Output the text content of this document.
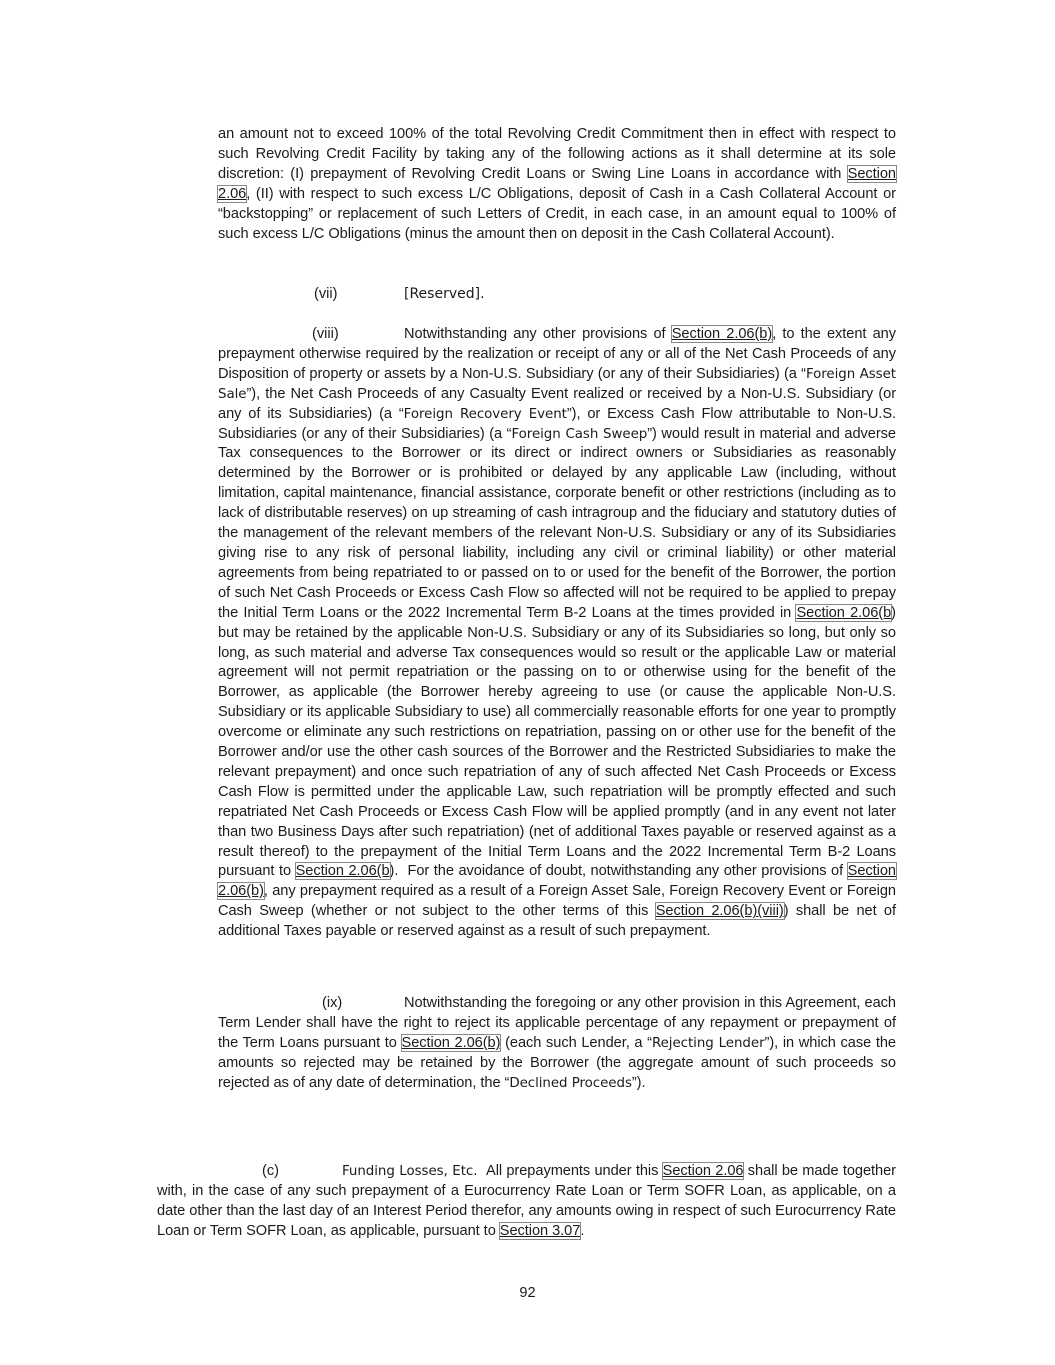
an amount not to exceed 100% of the total Revolving Credit Commitment then in effect with respect to such Revolving Credit Facility by taking any of the following actions as it shall determine at its sole discretion: (I) prepayment of Revolving Credit Loans or Swing Line Loans in accordance with Section 2.06, (II) with respect to such excess L/C Obligations, deposit of Cash in a Cash Collateral Account or “backstopping” or replacement of such Letters of Credit, in each case, in an amount equal to 100% of such excess L/C Obligations (minus the amount then on deposit in the Cash Collateral Account).

(vii)	[Reserved].
(viii)	Notwithstanding any other provisions of Section 2.06(b), to the extent any prepayment otherwise required by the realization or receipt of any or all of the Net Cash Proceeds of any Disposition of property or assets by a Non-U.S. Subsidiary (or any of their Subsidiaries) (a “Foreign Asset Sale”), the Net Cash Proceeds of any Casualty Event realized or received by a Non-U.S. Subsidiary (or any of its Subsidiaries) (a “Foreign Recovery Event”), or Excess Cash Flow attributable to Non-U.S. Subsidiaries (or any of their Subsidiaries) (a “Foreign Cash Sweep”) would result in material and adverse Tax consequences to the Borrower or its direct or indirect owners or Subsidiaries as reasonably determined by the Borrower or is prohibited or delayed by any applicable Law (including, without limitation, capital maintenance, financial assistance, corporate benefit or other restrictions (including as to lack of distributable reserves) on up streaming of cash intragroup and the fiduciary and statutory duties of the management of the relevant members of the relevant Non-U.S. Subsidiary or any of its Subsidiaries giving rise to any risk of personal liability, including any civil or criminal liability) or other material agreements from being repatriated to or passed on to or used for the benefit of the Borrower, the portion of such Net Cash Proceeds or Excess Cash Flow so affected will not be required to be applied to prepay the Initial Term Loans or the 2022 Incremental Term B-2 Loans at the times provided in Section 2.06(b) but may be retained by the applicable Non-U.S. Subsidiary or any of its Subsidiaries so long, but only so long, as such material and adverse Tax consequences would so result or the applicable Law or material agreement will not permit repatriation or the passing on to or otherwise using for the benefit of the Borrower, as applicable (the Borrower hereby agreeing to use (or cause the applicable Non-U.S. Subsidiary or its applicable Subsidiary to use) all commercially reasonable efforts for one year to promptly overcome or eliminate any such restrictions on repatriation, passing on or other use for the benefit of the Borrower and/or use the other cash sources of the Borrower and the Restricted Subsidiaries to make the relevant prepayment) and once such repatriation of any of such affected Net Cash Proceeds or Excess Cash Flow is permitted under the applicable Law, such repatriation will be promptly effected and such repatriated Net Cash Proceeds or Excess Cash Flow will be applied promptly (and in any event not later than two Business Days after such repatriation) (net of additional Taxes payable or reserved against as a result thereof) to the prepayment of the Initial Term Loans and the 2022 Incremental Term B-2 Loans pursuant to Section 2.06(b).  For the avoidance of doubt, notwithstanding any other provisions of Section 2.06(b), any prepayment required as a result of a Foreign Asset Sale, Foreign Recovery Event or Foreign Cash Sweep (whether or not subject to the other terms of this Section 2.06(b)(viii)) shall be net of additional Taxes payable or reserved against as a result of such prepayment.

(ix)	Notwithstanding the foregoing or any other provision in this Agreement, each Term Lender shall have the right to reject its applicable percentage of any repayment or prepayment of the Term Loans pursuant to Section 2.06(b) (each such Lender, a “Rejecting Lender”), in which case the amounts so rejected may be retained by the Borrower (the aggregate amount of such proceeds so rejected as of any date of determination, the “Declined Proceeds”).

(c)	Funding Losses, Etc.  All prepayments under this Section 2.06 shall be made together with, in the case of any such prepayment of a Eurocurrency Rate Loan or Term SOFR Loan, as applicable, on a date other than the last day of an Interest Period therefor, any amounts owing in respect of such Eurocurrency Rate Loan or Term SOFR Loan, as applicable, pursuant to Section 3.07.

92
